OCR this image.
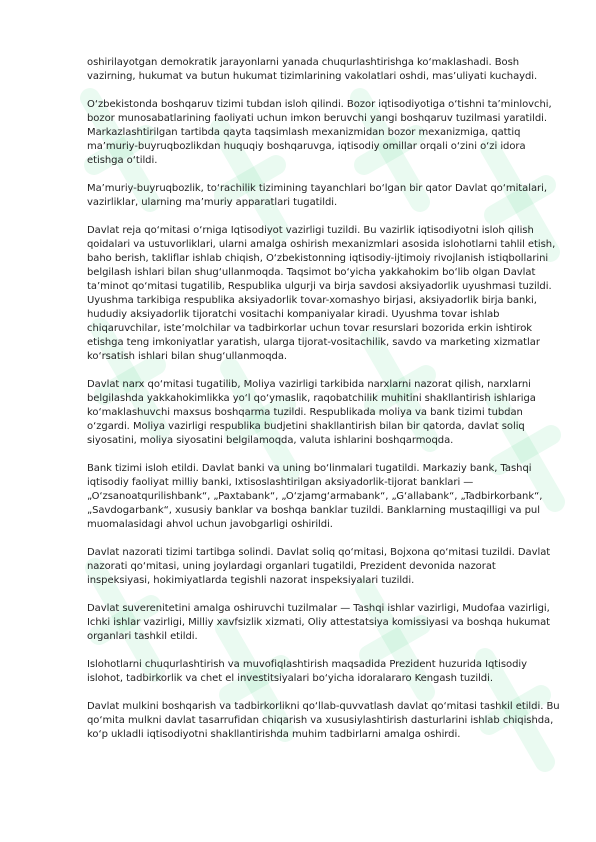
oshirilayotgan demokratik jarayonlarni yanada chuqurlashtirishga ko‘maklashadi. Bosh vazirning, hukumat va butun hukumat tizimlarining vakolatlari oshdi, mas’uliyati kuchaydi.

O‘zbekistonda boshqaruv tizimi tubdan isloh qilindi. Bozor iqtisodiyotiga o‘tishni ta’minlovchi, bozor munosabatlarining faoliyati uchun imkon beruvchi yangi boshqaruv tuzilmasi yaratildi. Markazlashtirilgan tartibda qayta taqsimlash mexanizmidan bozor mexanizmiga, qattiq ma’muriy-buyruqbozlikdan huquqiy boshqaruvga, iqtisodiy omillar orqali o‘zini o‘zi idora etishga o‘tildi.

Ma’muriy-buyruqbozlik, to‘rachilik tizimining tayanchlari bo‘lgan bir qator Davlat qo‘mitalari, vazirliklar, ularning ma’muriy apparatlari tugatildi.

Davlat reja qo‘mitasi o‘rniga Iqtisodiyot vazirligi tuzildi. Bu vazirlik iqtisodiyotni isloh qilish qoidalari va ustuvorliklari, ularni amalga oshirish mexanizmlari asosida islohotlarni tahlil etish, baho berish, takliflar ishlab chiqish, O‘zbekistonning iqtisodiy-ijtimoiy rivojlanish istiqbollarini belgilash ishlari bilan shug‘ullanmoqda. Taqsimot bo‘yicha yakkahokim bo‘lib olgan Davlat ta’minot qo‘mitasi tugatilib, Respublika ulgurji va birja savdosi aksiyadorlik uyushmasi tuzildi. Uyushma tarkibiga respublika aksiyadorlik tovar-xomashyo birjasi, aksiyadorlik birja banki, hududiy aksiyadorlik tijoratchi vositachi kompaniyalar kiradi. Uyushma tovar ishlab chiqaruvchilar, iste’molchilar va tadbirkorlar uchun tovar resurslari bozorida erkin ishtirok etishga teng imkoniyatlar yaratish, ularga tijorat-vositachilik, savdo va marketing xizmatlar ko‘rsatish ishlari bilan shug‘ullanmoqda.

Davlat narx qo‘mitasi tugatilib, Moliya vazirligi tarkibida narxlarni nazorat qilish, narxlarni belgilashda yakkahokimlikka yo‘l qo‘ymaslik, raqobatchilik muhitini shakllantirish ishlariga ko‘maklashuvchi maxsus boshqarma tuzildi. Respublikada moliya va bank tizimi tubdan o‘zgardi. Moliya vazirligi respublika budjetini shakllantirish bilan bir qatorda, davlat soliq siyosatini, moliya siyosatini belgilamoqda, valuta ishlarini boshqarmoqda.

Bank tizimi isloh etildi. Davlat banki va uning bo‘linmalari tugatildi. Markaziy bank, Tashqi iqtisodiy faoliyat milliy banki, Ixtisoslashtirilgan aksiyadorlik-tijorat banklari — „O‘zsanoatqurilishbank“, „Paxtabank“, „O‘zjamg‘armabank“, „G‘allabank“, „Tadbirkorbank“, „Savdogarbank“, xususiy banklar va boshqa banklar tuzildi. Banklarning mustaqilligi va pul muomalasidagi ahvol uchun javobgarligi oshirildi.

Davlat nazorati tizimi tartibga solindi. Davlat soliq qo‘mitasi, Bojxona qo‘mitasi tuzildi. Davlat nazorati qo‘mitasi, uning joylardagi organlari tugatildi, Prezident devonida nazorat inspeksiyasi, hokimiyatlarda tegishli nazorat inspeksiyalari tuzildi.

Davlat suverenitetini amalga oshiruvchi tuzilmalar — Tashqi ishlar vazirligi, Mudofaa vazirligi, Ichki ishlar vazirligi, Milliy xavfsizlik xizmati, Oliy attestatsiya komissiyasi va boshqa hukumat organlari tashkil etildi.

Islohotlarni chuqurlashtirish va muvofiqlashtirish maqsadida Prezident huzurida Iqtisodiy islohot, tadbirkorlik va chet el investitsiyalari bo‘yicha idoralararo Kengash tuzildi.

Davlat mulkini boshqarish va tadbirkorlikni qo‘llab-quvvatlash davlat qo‘mitasi tashkil etildi. Bu qo‘mita mulkni davlat tasarrufidan chiqarish va xususiylashtirish dasturlarini ishlab chiqishda, ko‘p ukladli iqtisodiyotni shakllantirishda muhim tadbirlarni amalga oshirdi.
